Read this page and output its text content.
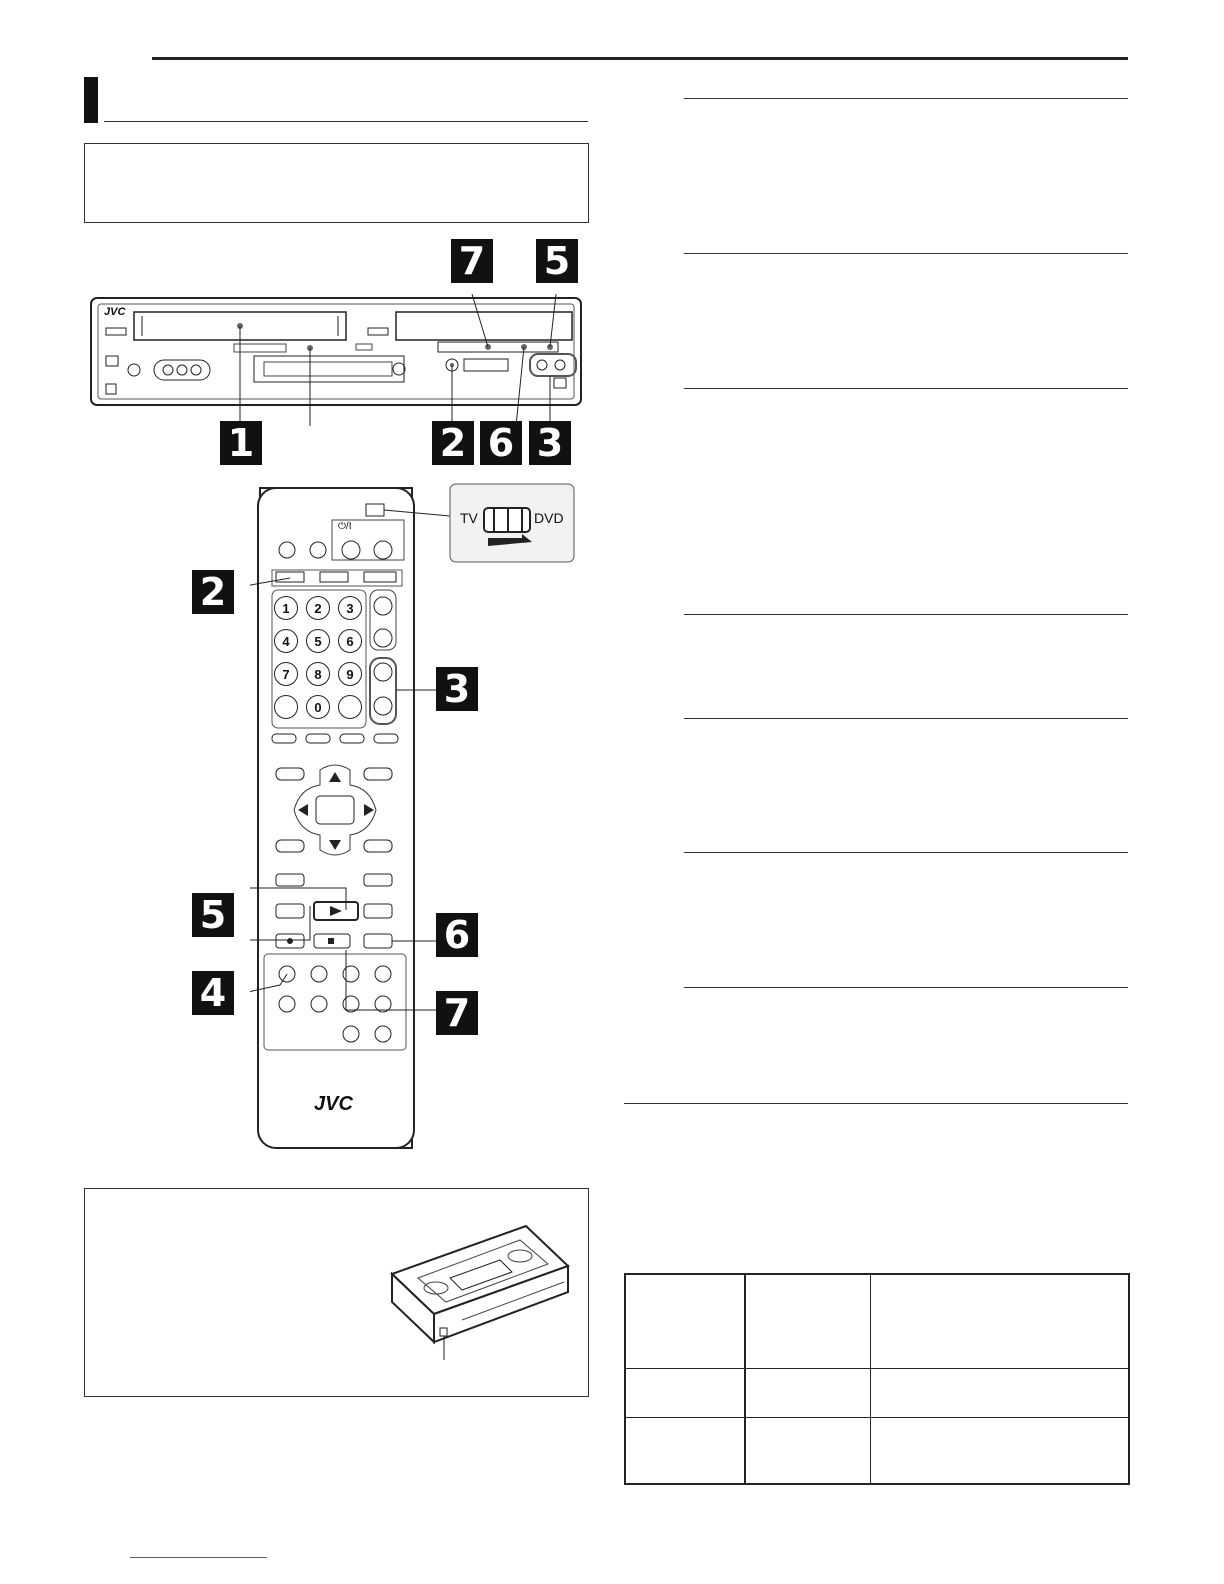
JVC
7 5
1	2 6 3
JVC
TV	DVD
⏻/I
1	2	3
4	5	6
7	8	9
0
2
5
4
3
6
7
